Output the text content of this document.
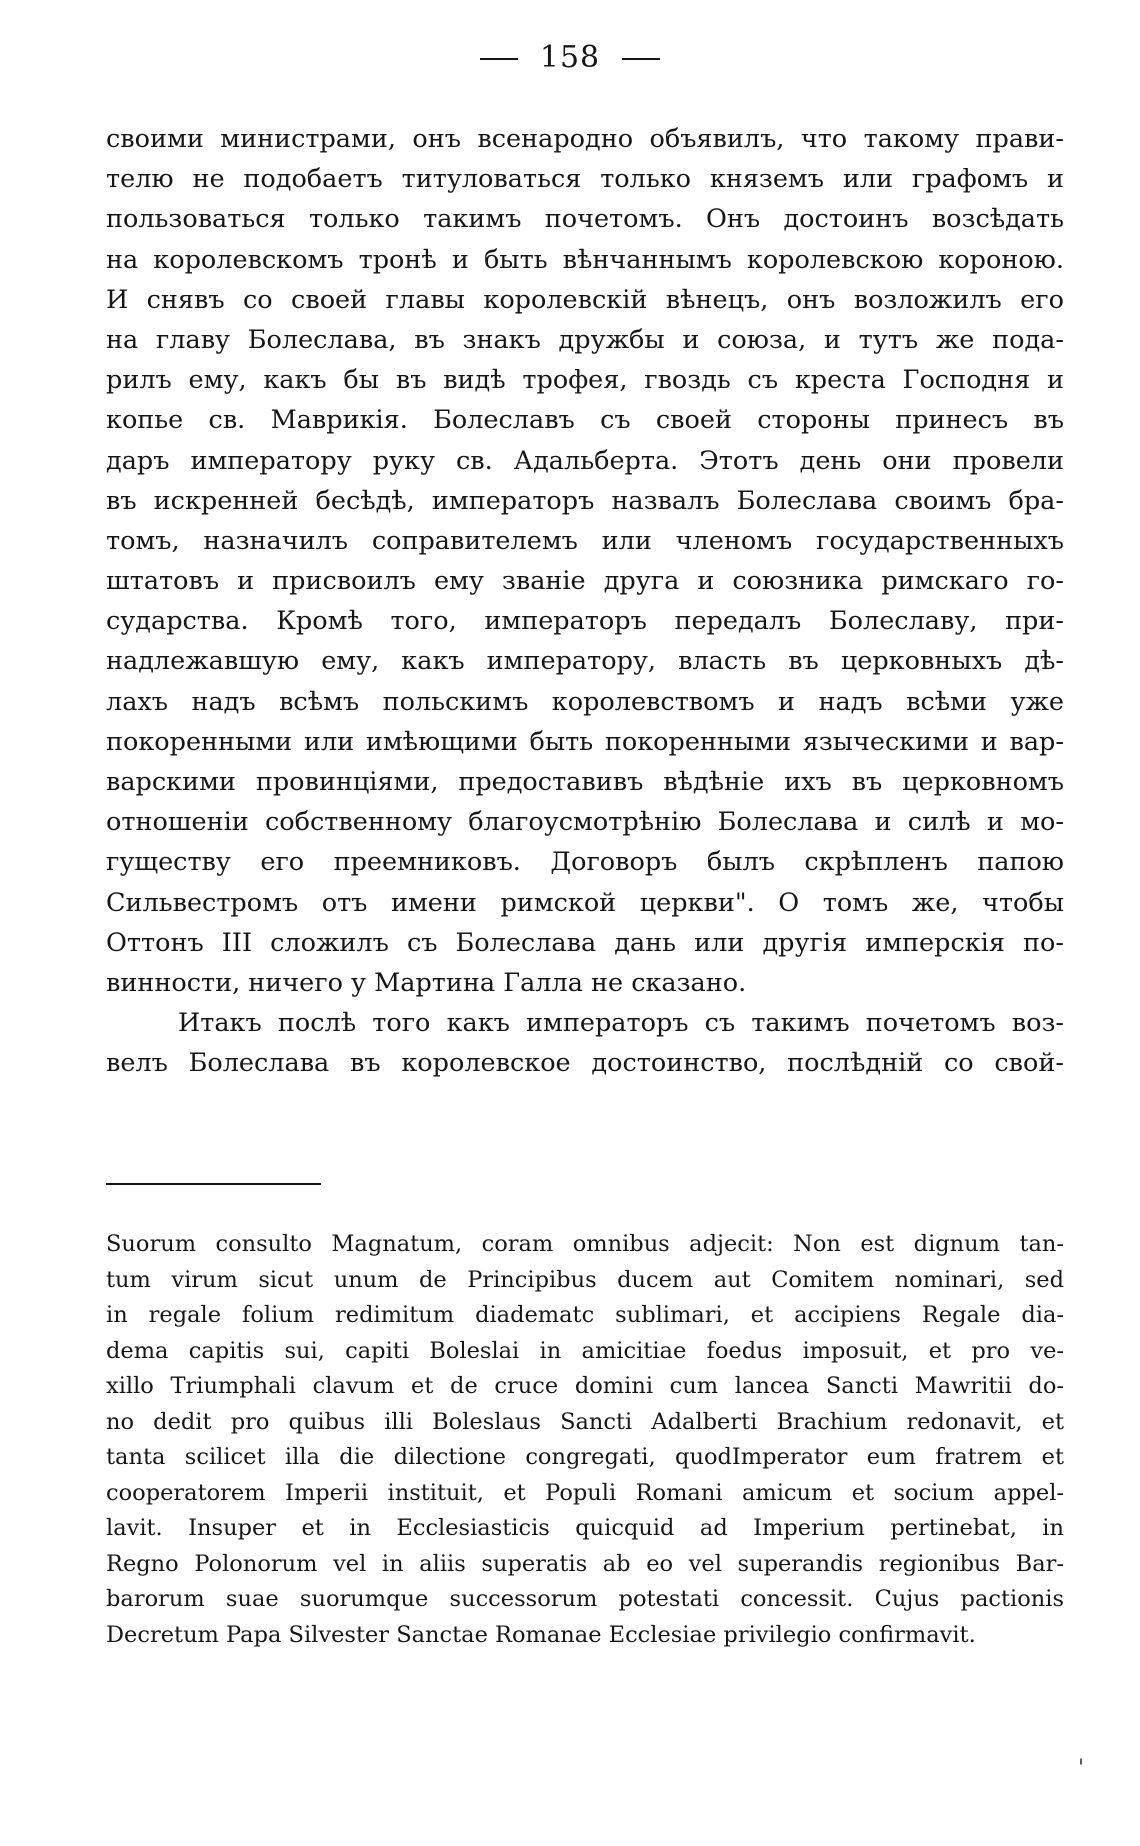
158
своими министрами, онъ всенародно объявилъ, что такому прави-
телю не подобаетъ титуловаться только княземъ или графомъ и
пользоваться только такимъ почетомъ. Онъ достоинъ возсѣдать
на королевскомъ тронѣ и быть вѣнчаннымъ королевскою короною.
И снявъ со своей главы королевскій вѣнецъ, онъ возложилъ его
на главу Болеслава, въ знакъ дружбы и союза, и тутъ же пода-
рилъ ему, какъ бы въ видѣ трофея, гвоздь съ креста Господня и
копье св. Маврикія. Болеславъ съ своей стороны принесъ въ
даръ императору руку св. Адальберта. Этотъ день они провели
въ искренней бесѣдѣ, императоръ назвалъ Болеслава своимъ бра-
томъ, назначилъ соправителемъ или членомъ государственныхъ
штатовъ и присвоилъ ему званіе друга и союзника римскаго го-
сударства. Кромѣ того, императоръ передалъ Болеславу, при-
надлежавшую ему, какъ императору, власть въ церковныхъ дѣ-
лахъ надъ всѣмъ польскимъ королевствомъ и надъ всѣми уже
покоренными или имѣющими быть покоренными языческими и вар-
варскими провинціями, предоставивъ вѣдѣніе ихъ въ церковномъ
отношеніи собственному благоусмотрѣнію Болеслава и силѣ и мо-
гуществу его преемниковъ. Договоръ былъ скрѣпленъ папою
Сильвестромъ отъ имени римской церкви". О томъ же, чтобы
Оттонъ III сложилъ съ Болеслава дань или другія имперскія по-
винности, ничего у Мартина Галла не сказано.
Итакъ послѣ того какъ императоръ съ такимъ почетомъ воз-
велъ Болеслава въ королевское достоинство, послѣдній со свой-
Suorum consulto Magnatum, coram omnibus adjecit: Non est dignum tan-
tum virum sicut unum de Principibus ducem aut Comitem nominari, sed
in regale folium redimitum diadematc sublimari, et accipiens Regale dia-
dema capitis sui, capiti Boleslai in amicitiae foedus imposuit, et pro ve-
xillo Triumphali clavum et de cruce domini cum lancea Sancti Mawritii do-
no dedit pro quibus illi Boleslaus Sancti Adalberti Brachium redonavit, et
tanta scilicet illa die dilectione congregati, quodImperator eum fratrem et
cooperatorem Imperii instituit, et Populi Romani amicum et socium appel-
lavit. Insuper et in Ecclesiasticis quicquid ad Imperium pertinebat, in
Regno Polonorum vel in aliis superatis ab eo vel superandis regionibus Bar-
barorum suae suorumque successorum potestati concessit. Cujus pactionis
Decretum Papa Silvester Sanctae Romanae Ecclesiae privilegio confirmavit.
'
